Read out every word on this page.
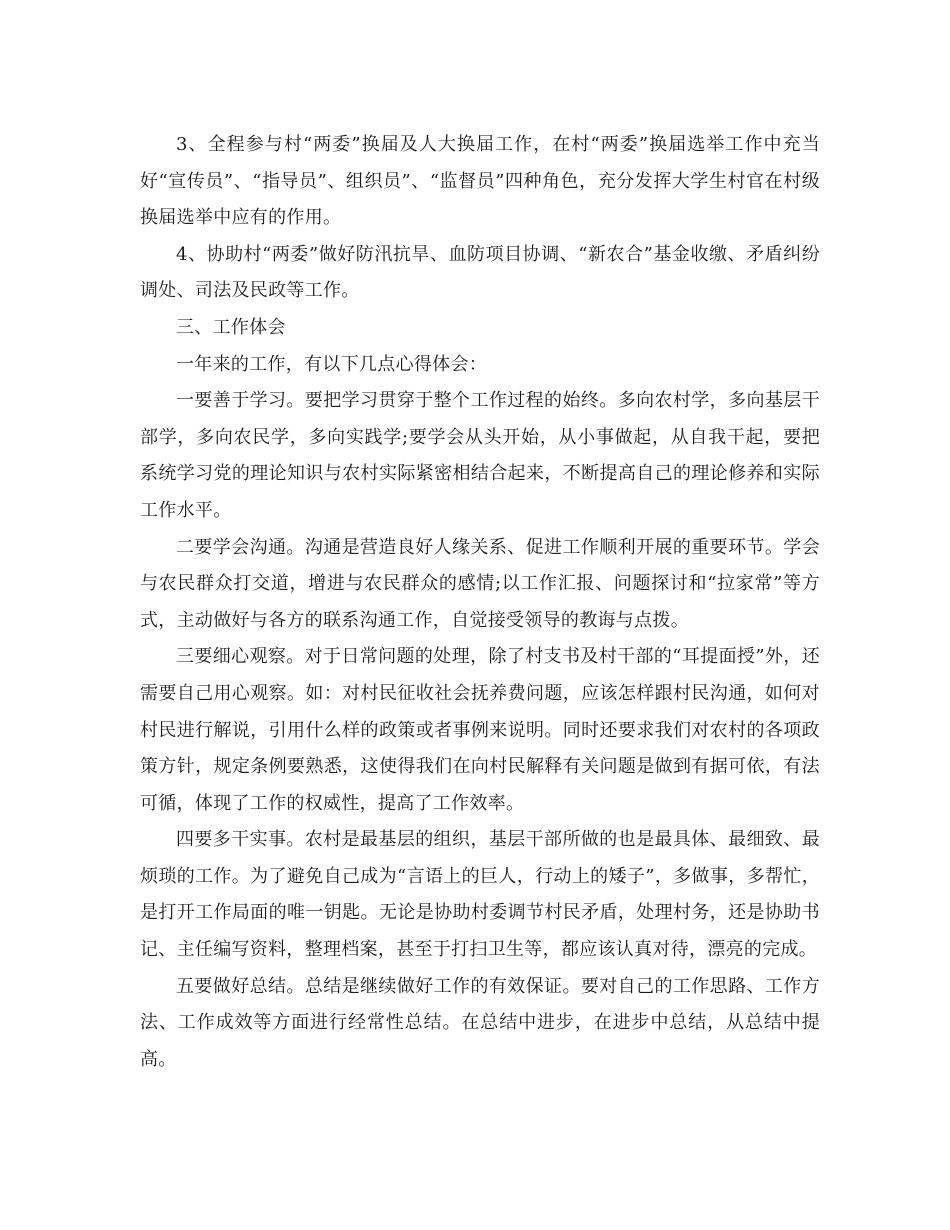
3、全程参与村“两委”换届及人大换届工作，在村“两委”换届选举工作中充当好“宣传员”、“指导员”、组织员”、“监督员”四种角色，充分发挥大学生村官在村级换届选举中应有的作用。

4、协助村“两委”做好防汛抗旱、血防项目协调、“新农合”基金收缴、矛盾纠纷调处、司法及民政等工作。

三、工作体会

一年来的工作，有以下几点心得体会：

一要善于学习。要把学习贯穿于整个工作过程的始终。多向农村学，多向基层干部学，多向农民学，多向实践学;要学会从头开始，从小事做起，从自我干起，要把系统学习党的理论知识与农村实际紧密相结合起来，不断提高自己的理论修养和实际工作水平。

二要学会沟通。沟通是营造良好人缘关系、促进工作顺利开展的重要环节。学会与农民群众打交道，增进与农民群众的感情;以工作汇报、问题探讨和“拉家常”等方式，主动做好与各方的联系沟通工作，自觉接受领导的教诲与点拨。

三要细心观察。对于日常问题的处理，除了村支书及村干部的“耳提面授”外，还需要自己用心观察。如：对村民征收社会抚养费问题，应该怎样跟村民沟通，如何对村民进行解说，引用什么样的政策或者事例来说明。同时还要求我们对农村的各项政策方针，规定条例要熟悉，这使得我们在向村民解释有关问题是做到有据可依，有法可循，体现了工作的权威性，提高了工作效率。

四要多干实事。农村是最基层的组织，基层干部所做的也是最具体、最细致、最烦琐的工作。为了避免自己成为“言语上的巨人，行动上的矮子”，多做事，多帮忙，是打开工作局面的唯一钥匙。无论是协助村委调节村民矛盾，处理村务，还是协助书记、主任编写资料，整理档案，甚至于打扫卫生等，都应该认真对待，漂亮的完成。

五要做好总结。总结是继续做好工作的有效保证。要对自己的工作思路、工作方法、工作成效等方面进行经常性总结。在总结中进步，在进步中总结，从总结中提高。
